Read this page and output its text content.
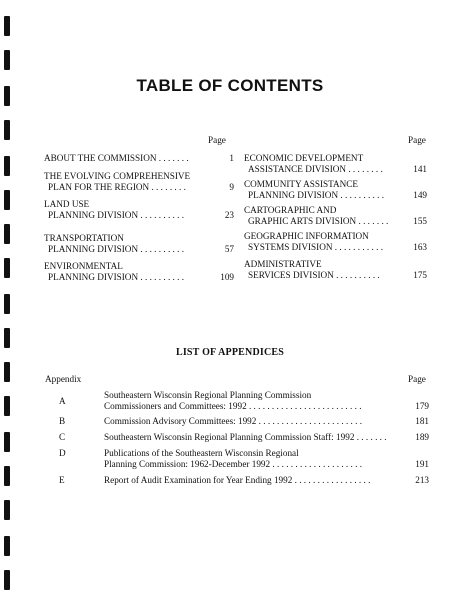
TABLE OF CONTENTS
Page	Page
ABOUT THE COMMISSION . . . . . . .	1
THE EVOLVING COMPREHENSIVE
PLAN FOR THE REGION . . . . . . . .	9
LAND USE
PLANNING DIVISION . . . . . . . . . .	23
TRANSPORTATION
PLANNING DIVISION . . . . . . . . . .	57
ENVIRONMENTAL
PLANNING DIVISION . . . . . . . . . .	109
ECONOMIC DEVELOPMENT
ASSISTANCE DIVISION . . . . . . . .	141
COMMUNITY ASSISTANCE
PLANNING DIVISION . . . . . . . . . .	149
CARTOGRAPHIC AND
GRAPHIC ARTS DIVISION . . . . . . .	155
GEOGRAPHIC INFORMATION
SYSTEMS DIVISION . . . . . . . . . . .	163
ADMINISTRATIVE
SERVICES DIVISION . . . . . . . . . .	175
LIST OF APPENDICES
Appendix	Page
A
Southeastern Wisconsin Regional Planning Commission
Commissioners and Committees: 1992 . . . . . . . . . . . . . . . . . . . . . . . . .	179
B	Commission Advisory Committees: 1992 . . . . . . . . . . . . . . . . . . . . . . .	181
C	Southeastern Wisconsin Regional Planning Commission Staff: 1992 . . . . . . .	189
D	Publications of the Southeastern Wisconsin Regional
Planning Commission: 1962-December 1992 . . . . . . . . . . . . . . . . . . . .	191
E	Report of Audit Examination for Year Ending 1992 . . . . . . . . . . . . . . . . .	213
